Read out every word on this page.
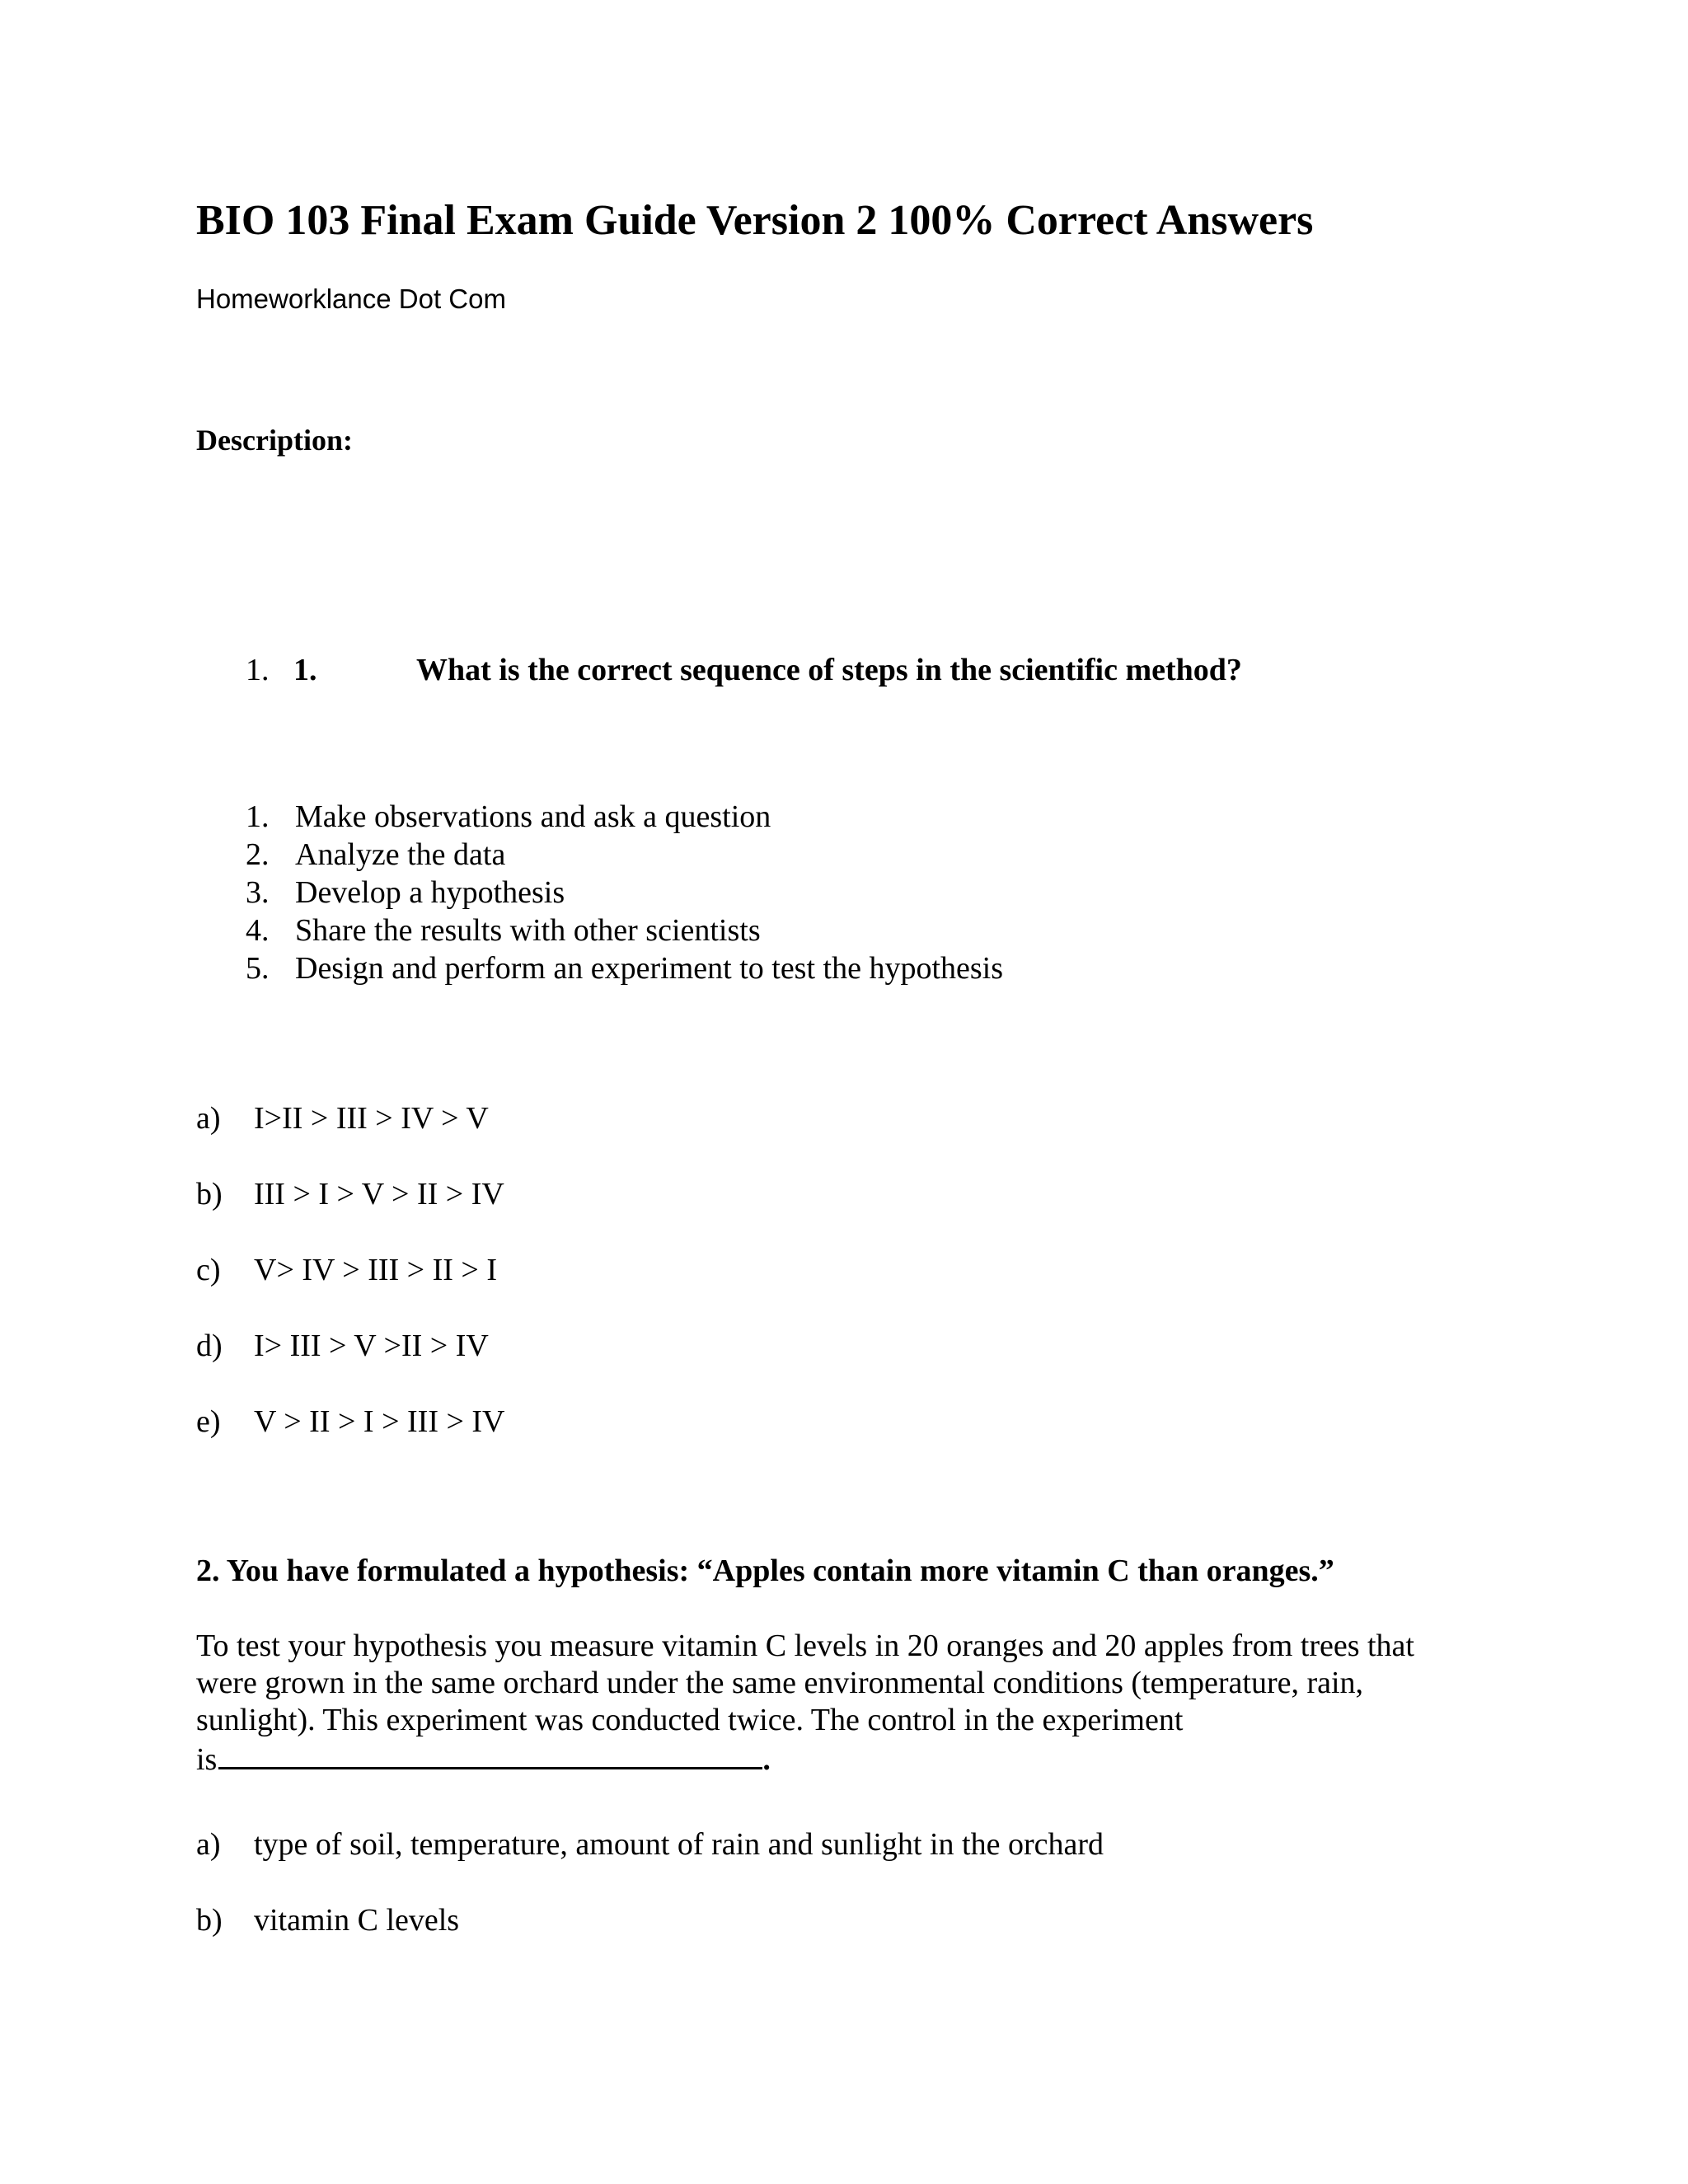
BIO 103 Final Exam Guide Version 2 100% Correct Answers
Homeworklance Dot Com
Description:
1. 1.	What is the correct sequence of steps in the scientific method?
1. Make observations and ask a question
2. Analyze the data
3. Develop a hypothesis
4. Share the results with other scientists
5. Design and perform an experiment to test the hypothesis
a) I>II > III > IV > V
b) III > I > V > II > IV
c) V> IV > III > II > I
d) I> III > V >II > IV
e) V > II > I > III > IV
2. You have formulated a hypothesis: “Apples contain more vitamin C than oranges.”
To test your hypothesis you measure vitamin C levels in 20 oranges and 20 apples from trees that
were grown in the same orchard under the same environmental conditions (temperature, rain,
sunlight). This experiment was conducted twice. The control in the experiment
is	.
a) type of soil, temperature, amount of rain and sunlight in the orchard
b) vitamin C levels
